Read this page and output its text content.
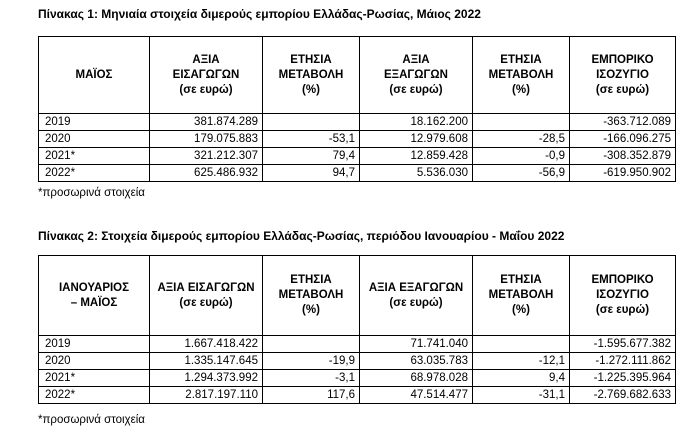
Πίνακας 1: Μηνιαία στοιχεία διμερούς εμπορίου Ελλάδας-Ρωσίας, Μάιος 2022
ΜΑΪΟΣ	ΑΞΙΑ
ΕΙΣΑΓΩΓΩΝ
(σε ευρώ)	ΕΤΗΣΙΑ
ΜΕΤΑΒΟΛΗ
(%)	ΑΞΙΑ
ΕΞΑΓΩΓΩΝ
(σε ευρώ)	ΕΤΗΣΙΑ
ΜΕΤΑΒΟΛΗ
(%)	ΕΜΠΟΡΙΚΟ
ΙΣΟΖΥΓΙΟ
(σε ευρώ)
2019	381.874.289		18.162.200		-363.712.089
2020	179.075.883	-53,1	12.979.608	-28,5	-166.096.275
2021*	321.212.307	79,4	12.859.428	-0,9	-308.352.879
2022*	625.486.932	94,7	5.536.030	-56,9	-619.950.902
*προσωρινά στοιχεία
Πίνακας 2: Στοιχεία διμερούς εμπορίου Ελλάδας-Ρωσίας, περιόδου Ιανουαρίου - Μαΐου 2022
ΙΑΝΟΥΑΡΙΟΣ
– ΜΑΪΟΣ	ΑΞΙΑ ΕΙΣΑΓΩΓΩΝ
(σε ευρώ)	ΕΤΗΣΙΑ
ΜΕΤΑΒΟΛΗ
(%)	ΑΞΙΑ ΕΞΑΓΩΓΩΝ
(σε ευρώ)	ΕΤΗΣΙΑ
ΜΕΤΑΒΟΛΗ
(%)	ΕΜΠΟΡΙΚΟ
ΙΣΟΖΥΓΙΟ
(σε ευρώ)
2019	1.667.418.422		71.741.040		-1.595.677.382
2020	1.335.147.645	-19,9	63.035.783	-12,1	-1.272.111.862
2021*	1.294.373.992	-3,1	68.978.028	9,4	-1.225.395.964
2022*	2.817.197.110	117,6	47.514.477	-31,1	-2.769.682.633
*προσωρινά στοιχεία
